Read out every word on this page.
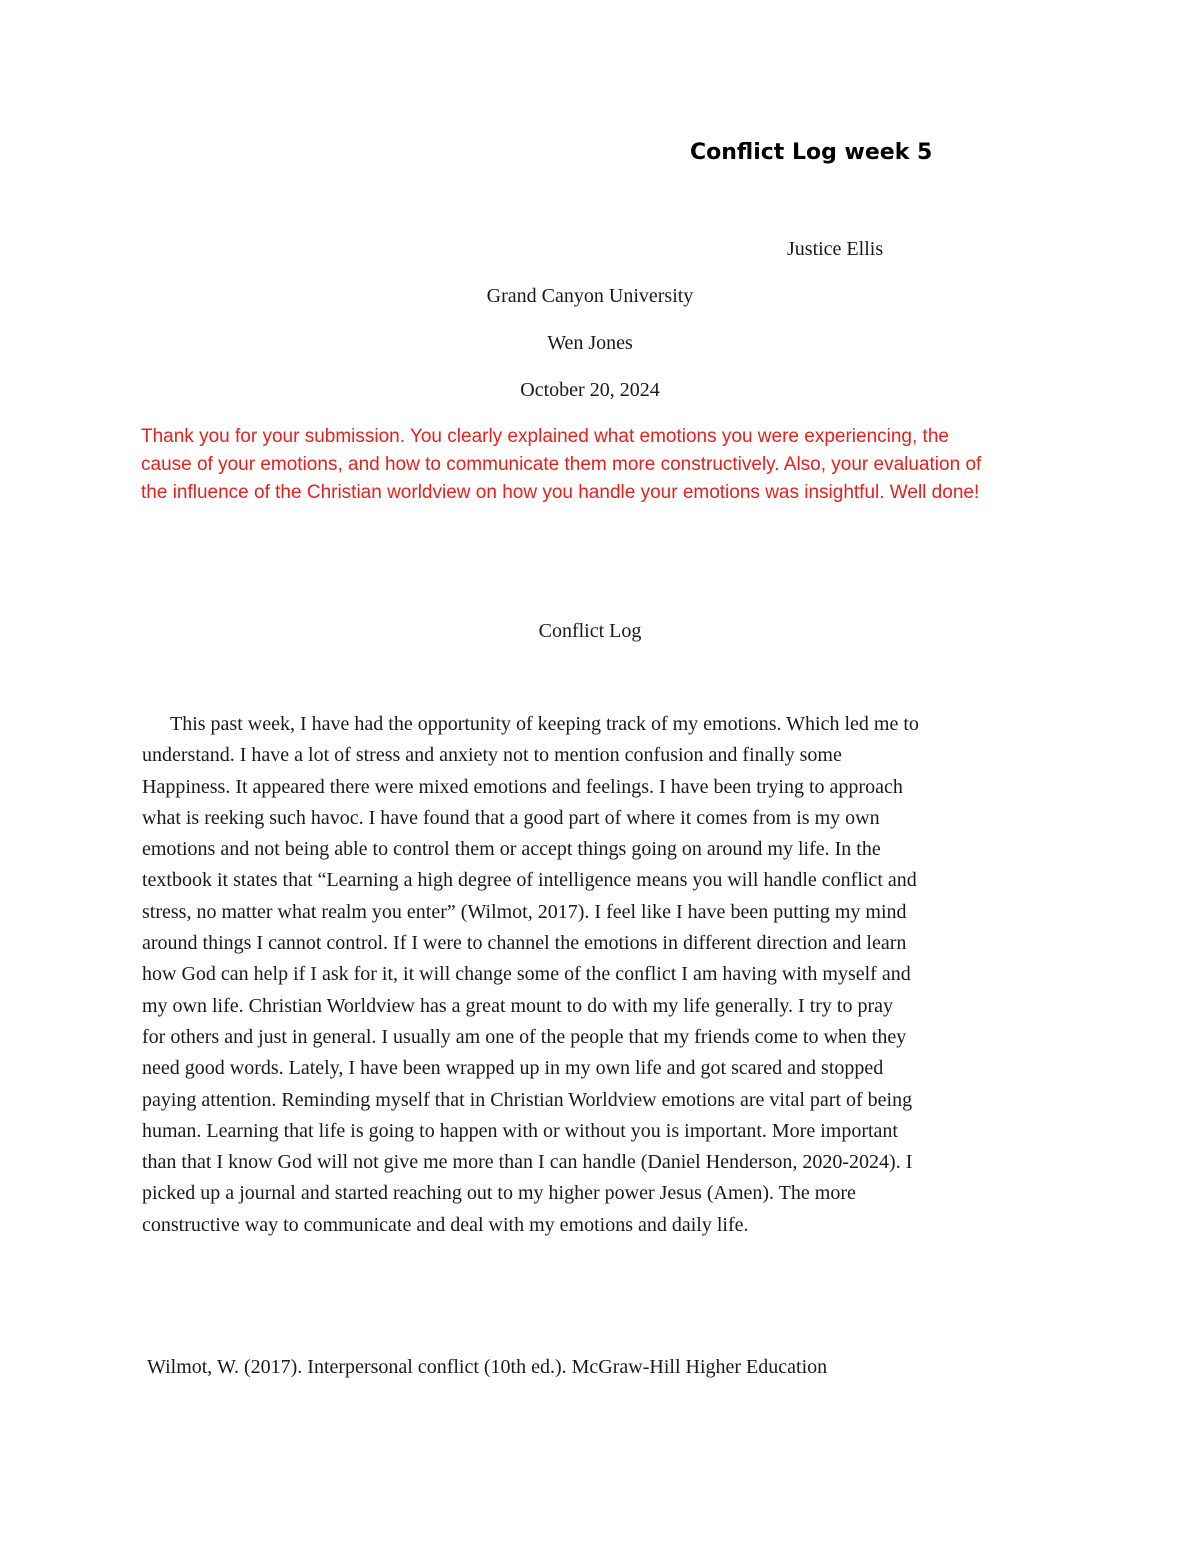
Conflict Log week 5
Justice Ellis
Grand Canyon University
Wen Jones
October 20, 2024
Thank you for your submission. You clearly explained what emotions you were experiencing, the
cause of your emotions, and how to communicate them more constructively. Also, your evaluation of
the influence of the Christian worldview on how you handle your emotions was insightful. Well done!
Conflict Log
This past week, I have had the opportunity of keeping track of my emotions. Which led me to
understand. I have a lot of stress and anxiety not to mention confusion and finally some
Happiness. It appeared there were mixed emotions and feelings. I have been trying to approach
what is reeking such havoc. I have found that a good part of where it comes from is my own
emotions and not being able to control them or accept things going on around my life. In the
textbook it states that “Learning a high degree of intelligence means you will handle conflict and
stress, no matter what realm you enter” (Wilmot, 2017). I feel like I have been putting my mind
around things I cannot control. If I were to channel the emotions in different direction and learn
how God can help if I ask for it, it will change some of the conflict I am having with myself and
my own life. Christian Worldview has a great mount to do with my life generally. I try to pray
for others and just in general. I usually am one of the people that my friends come to when they
need good words. Lately, I have been wrapped up in my own life and got scared and stopped
paying attention. Reminding myself that in Christian Worldview emotions are vital part of being
human. Learning that life is going to happen with or without you is important. More important
than that I know God will not give me more than I can handle (Daniel Henderson, 2020-2024). I
picked up a journal and started reaching out to my higher power Jesus (Amen). The more
constructive way to communicate and deal with my emotions and daily life.
Wilmot, W. (2017). Interpersonal conflict (10th ed.). McGraw-Hill Higher Education
